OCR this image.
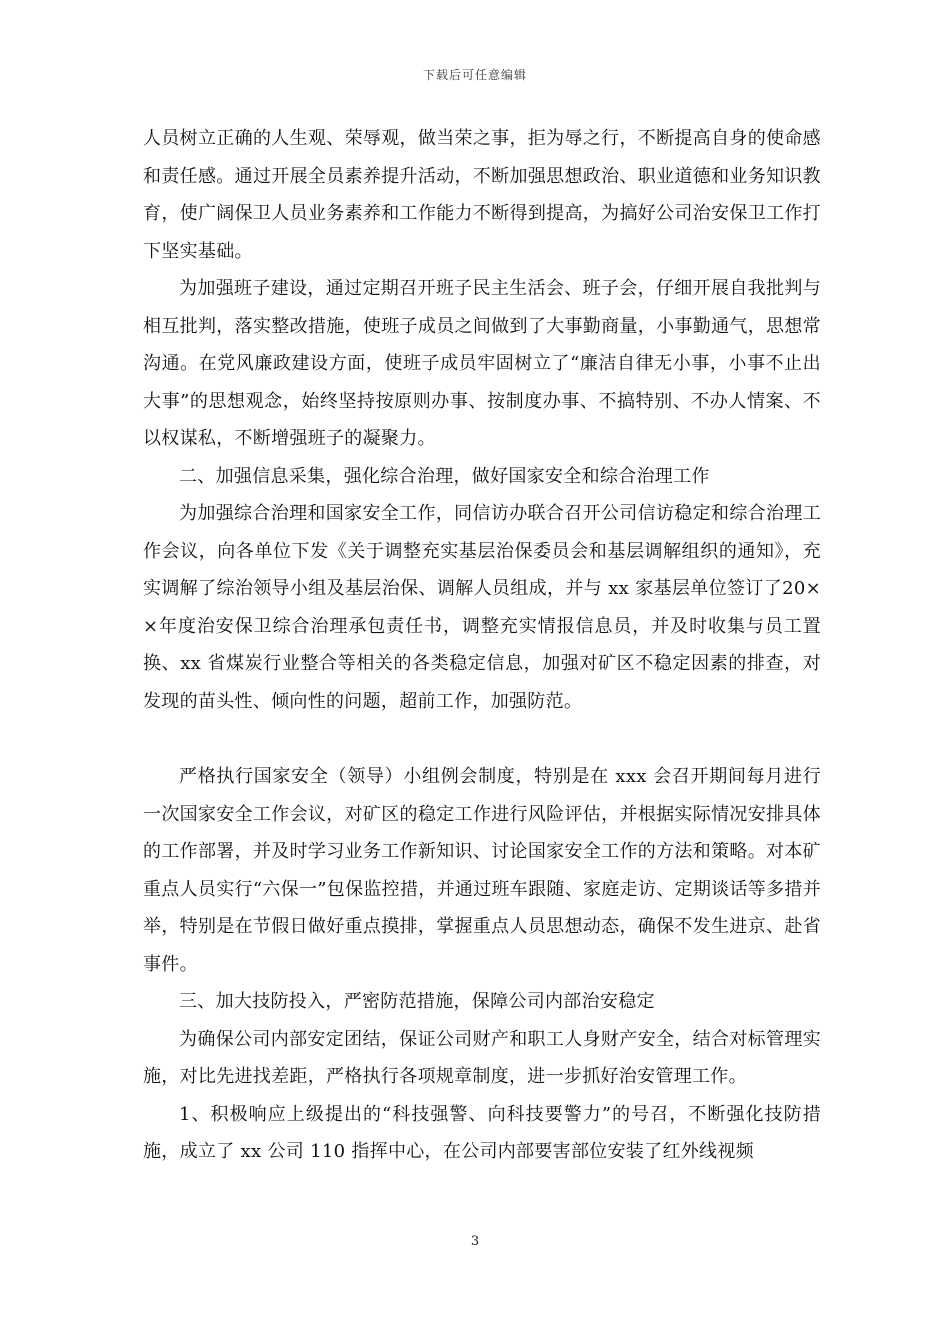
下载后可任意编辑

人员树立正确的人生观、荣辱观，做当荣之事，拒为辱之行，不断提高自身的使命感和责任感。通过开展全员素养提升活动，不断加强思想政治、职业道德和业务知识教育，使广阔保卫人员业务素养和工作能力不断得到提高，为搞好公司治安保卫工作打下坚实基础。

为加强班子建设，通过定期召开班子民主生活会、班子会，仔细开展自我批判与相互批判，落实整改措施，使班子成员之间做到了大事勤商量，小事勤通气，思想常沟通。在党风廉政建设方面，使班子成员牢固树立了“廉洁自律无小事，小事不止出大事”的思想观念，始终坚持按原则办事、按制度办事、不搞特别、不办人情案、不以权谋私，不断增强班子的凝聚力。

二、加强信息采集，强化综合治理，做好国家安全和综合治理工作

为加强综合治理和国家安全工作，同信访办联合召开公司信访稳定和综合治理工作会议，向各单位下发《关于调整充实基层治保委员会和基层调解组织的通知》，充实调解了综治领导小组及基层治保、调解人员组成，并与 xx 家基层单位签订了20××年度治安保卫综合治理承包责任书，调整充实情报信息员，并及时收集与员工置换、xx 省煤炭行业整合等相关的各类稳定信息，加强对矿区不稳定因素的排查，对发现的苗头性、倾向性的问题，超前工作，加强防范。

严格执行国家安全（领导）小组例会制度，特别是在 xxx 会召开期间每月进行一次国家安全工作会议，对矿区的稳定工作进行风险评估，并根据实际情况安排具体的工作部署，并及时学习业务工作新知识、讨论国家安全工作的方法和策略。对本矿重点人员实行“六保一”包保监控措，并通过班车跟随、家庭走访、定期谈话等多措并举，特别是在节假日做好重点摸排，掌握重点人员思想动态，确保不发生进京、赴省事件。

三、加大技防投入，严密防范措施，保障公司内部治安稳定

为确保公司内部安定团结，保证公司财产和职工人身财产安全，结合对标管理实施，对比先进找差距，严格执行各项规章制度，进一步抓好治安管理工作。

1、积极响应上级提出的“科技强警、向科技要警力”的号召，不断强化技防措施，成立了 xx 公司 110 指挥中心，在公司内部要害部位安装了红外线视频

3
